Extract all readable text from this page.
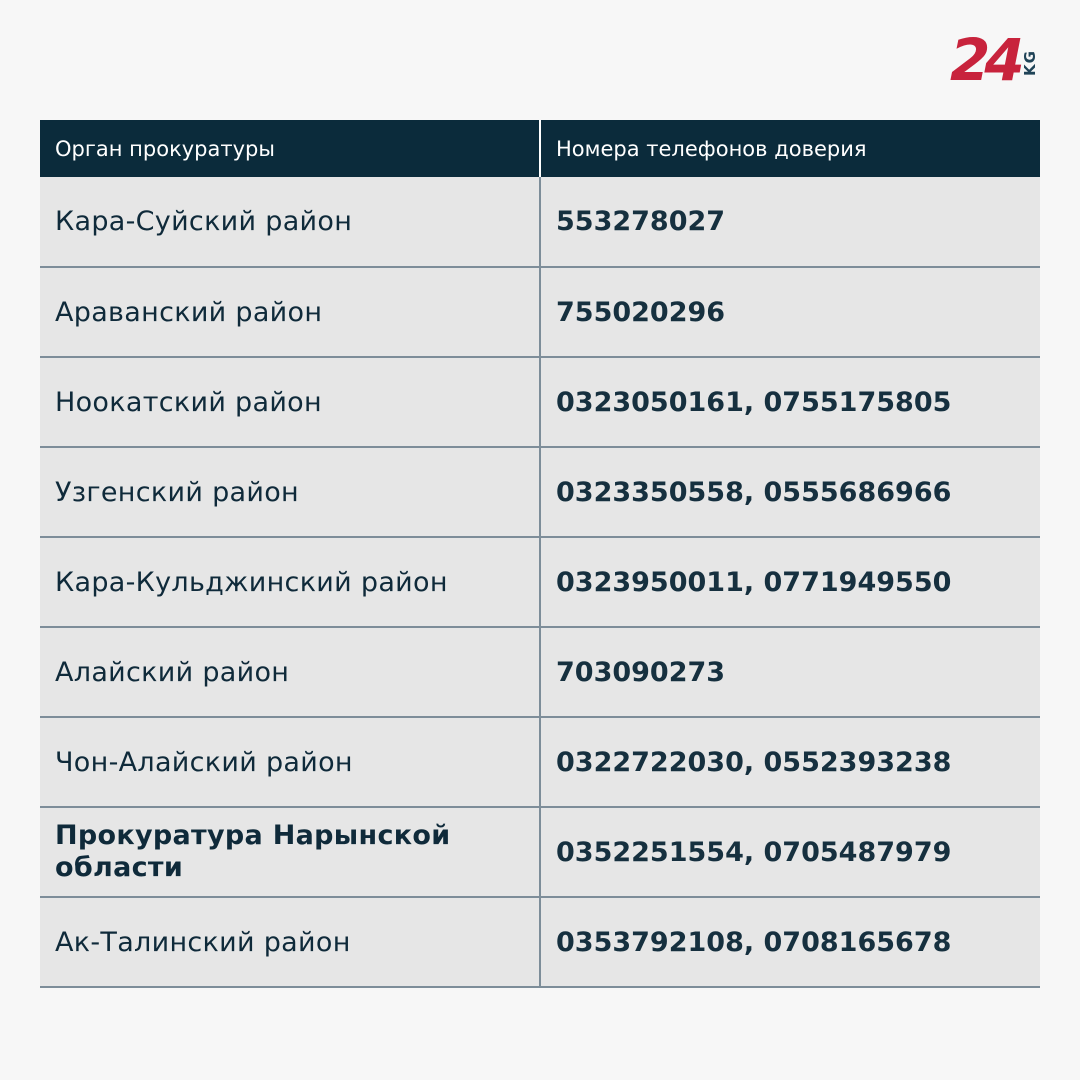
24 KG
Орган прокуратуры	Номера телефонов доверия
Кара-Суйский район	553278027
Араванский район	755020296
Ноокатский район	0323050161, 0755175805
Узгенский район	0323350558, 0555686966
Кара-Кульджинский район	0323950011, 0771949550
Алайский район	703090273
Чон-Алайский район	0322722030, 0552393238
Прокуратура Нарынской области	0352251554, 0705487979
Ак-Талинский район	0353792108, 0708165678
